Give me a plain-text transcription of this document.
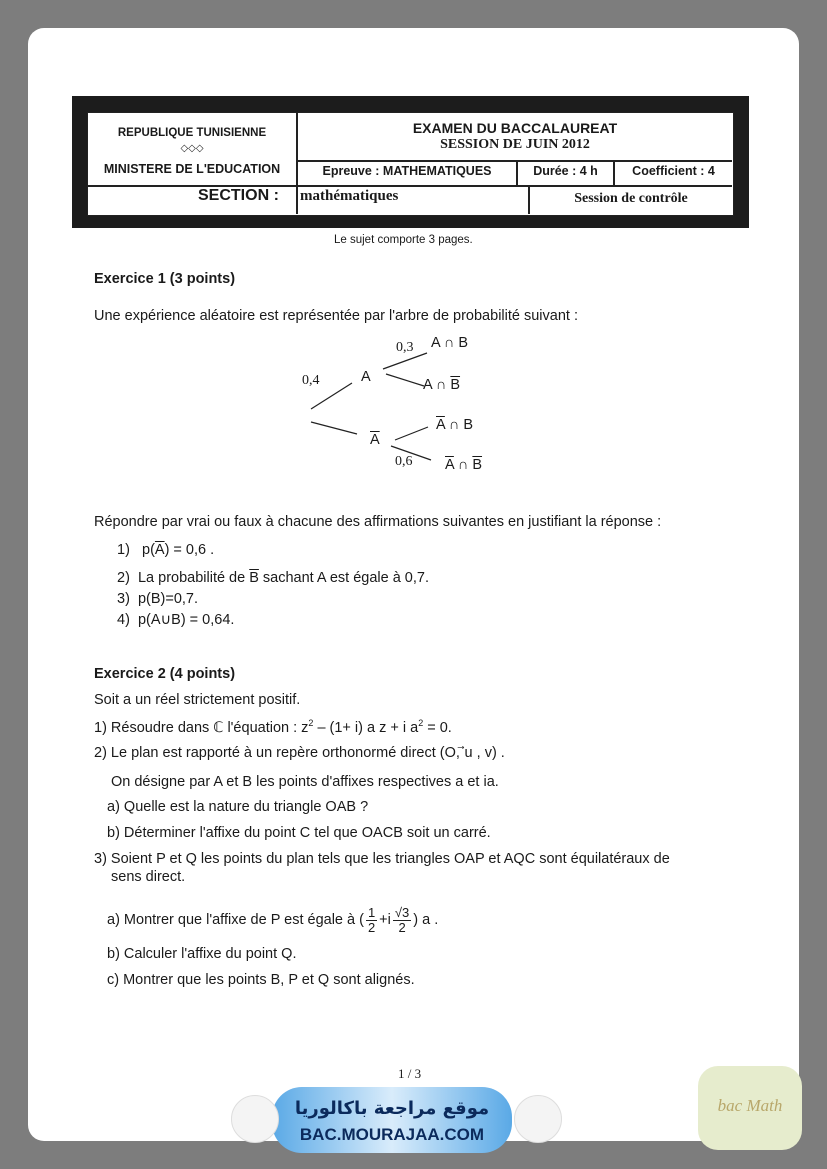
REPUBLIQUE TUNISIENNE
◇◇◇
MINISTERE DE L'EDUCATION
EXAMEN DU BACCALAUREAT
SESSION DE JUIN 2012
Epreuve : MATHEMATIQUES	Durée : 4 h	Coefficient : 4
SECTION : mathématiques	Session de contrôle
Le sujet comporte 3 pages.
Exercice 1 (3 points)
Une expérience aléatoire est représentée par l'arbre de probabilité suivant :
0,4
0,3
0,6
A
$\overline{A}$
A ∩ B
A ∩ $\overline{B}$
$\overline{A}$ ∩ B
$\overline{A}$ ∩ $\overline{B}$
Répondre par vrai ou faux à chacune des affirmations suivantes en justifiant la réponse :
1) $p(\overline{A}) = 0,6$ .
2) La probabilité de $\overline{B}$ sachant A est égale à 0,7.
3) p(B)=0,7.
4) p(A∪B) = 0,64.
Exercice 2 (4 points)
Soit a un réel strictement positif.
1) Résoudre dans ℂ l'équation : $z^2 - (1+ i)$ a z + i $a^2 = 0$.
2) Le plan est rapporté à un repère orthonormé direct (O, u , v) .
On désigne par A et B les points d'affixes respectives a et ia.
a) Quelle est la nature du triangle OAB ?
b) Déterminer l'affixe du point C tel que OACB soit un carré.
3) Soient P et Q les points du plan tels que les triangles OAP et AQC sont équilatéraux de
sens direct.
a) Montrer que l'affixe de P est égale à ( $\frac{1}{2} +i \frac{√3}{2}$ ) a .
b) Calculer l'affixe du point Q.
c) Montrer que les points B, P et Q sont alignés.
1 / 3
موقع مراجعة باكالوريا
BAC.MOURAJAA.COM
bac Math
